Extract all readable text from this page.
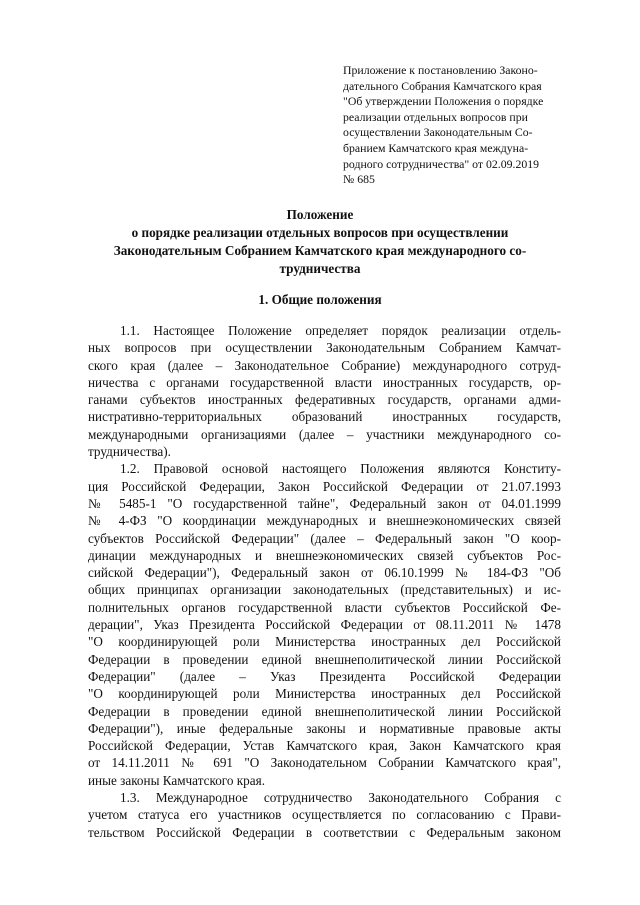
Приложение к постановлению Законо-
дательного Собрания Камчатского края
"Об утверждении Положения о порядке
реализации отдельных вопросов при
осуществлении Законодательным Со-
бранием Камчатского края междуна-
родного сотрудничества" от 02.09.2019
№ 685
Положение
о порядке реализации отдельных вопросов при осуществлении
Законодательным Собранием Камчатского края международного со-
трудничества
1. Общие положения
1.1. Настоящее Положение определяет порядок реализации отдель-
ных вопросов при осуществлении Законодательным Собранием Камчат-
ского края (далее – Законодательное Собрание) международного сотруд-
ничества с органами государственной власти иностранных государств, ор-
ганами субъектов иностранных федеративных государств, органами адми-
нистративно-территориальных образований иностранных государств,
международными организациями (далее – участники международного со-
трудничества).
1.2. Правовой основой настоящего Положения являются Конститу-
ция Российской Федерации, Закон Российской Федерации от 21.07.1993
№ 5485-1 "О государственной тайне", Федеральный закон от 04.01.1999
№ 4-ФЗ "О координации международных и внешнеэкономических связей
субъектов Российской Федерации" (далее – Федеральный закон "О коор-
динации международных и внешнеэкономических связей субъектов Рос-
сийской Федерации"), Федеральный закон от 06.10.1999 № 184-ФЗ "Об
общих принципах организации законодательных (представительных) и ис-
полнительных органов государственной власти субъектов Российской Фе-
дерации", Указ Президента Российской Федерации от 08.11.2011 № 1478
"О координирующей роли Министерства иностранных дел Российской
Федерации в проведении единой внешнеполитической линии Российской
Федерации" (далее – Указ Президента Российской Федерации
"О координирующей роли Министерства иностранных дел Российской
Федерации в проведении единой внешнеполитической линии Российской
Федерации"), иные федеральные законы и нормативные правовые акты
Российской Федерации, Устав Камчатского края, Закон Камчатского края
от 14.11.2011 № 691 "О Законодательном Собрании Камчатского края",
иные законы Камчатского края.
1.3. Международное сотрудничество Законодательного Собрания с
учетом статуса его участников осуществляется по согласованию с Прави-
тельством Российской Федерации в соответствии с Федеральным законом
